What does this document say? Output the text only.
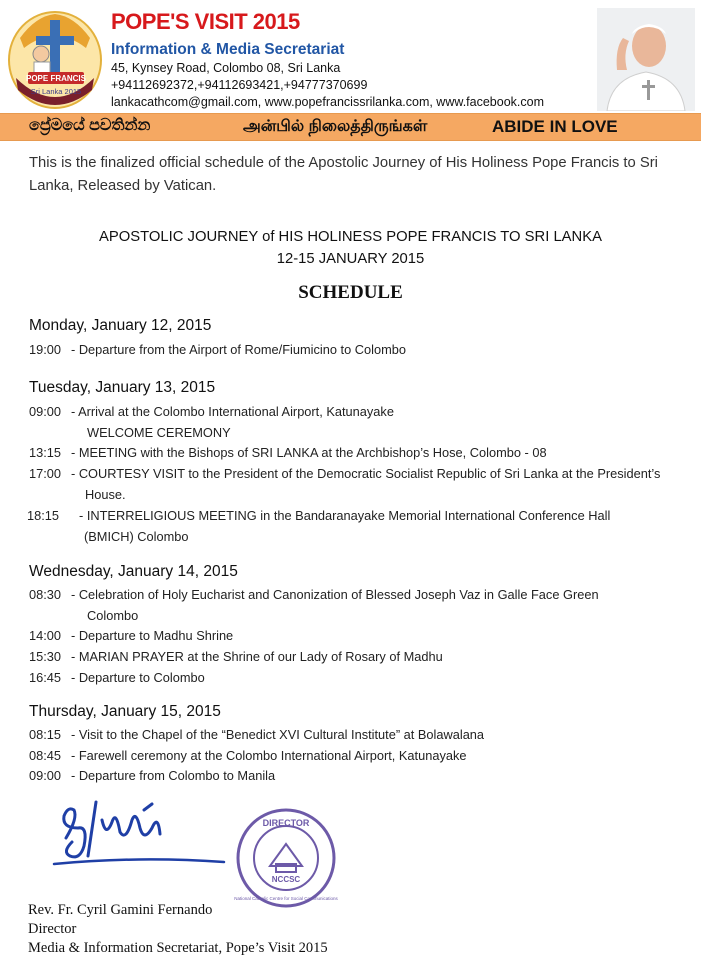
POPE FRANCIS
Sri Lanka 2015
POPE'S VISIT 2015
Information & Media Secretariat
45, Kynsey Road, Colombo 08, Sri Lanka
+94112692372,+94112693421,+94777370699
lankacathcom@gmail.com, www.popefrancissrilanka.com, www.facebook.com
ප්‍රේමයේ පවතින්න	அன்பில் நிலைத்திருங்கள்	ABIDE IN LOVE
This is the finalized official schedule of the Apostolic Journey of His Holiness Pope Francis to Sri Lanka, Released by Vatican.
APOSTOLIC JOURNEY of HIS HOLINESS POPE FRANCIS TO SRI LANKA
12-15 JANUARY 2015
SCHEDULE
Monday, January 12, 2015
19:00 - Departure from the Airport of Rome/Fiumicino to Colombo
Tuesday, January 13, 2015
09:00 - Arrival at the Colombo International Airport, Katunayake
WELCOME CEREMONY
13:15 - MEETING with the Bishops of SRI LANKA at the Archbishop’s Hose, Colombo - 08
17:00 - COURTESY VISIT to the President of the Democratic Socialist Republic of Sri Lanka at the President’s
House.
18:15 - INTERRELIGIOUS MEETING in the Bandaranayake Memorial International Conference Hall
(BMICH) Colombo
Wednesday, January 14, 2015
08:30 - Celebration of Holy Eucharist and Canonization of Blessed Joseph Vaz in Galle Face Green
Colombo
14:00 - Departure to Madhu Shrine
15:30 - MARIAN PRAYER at the Shrine of our Lady of Rosary of Madhu
16:45 - Departure to Colombo
Thursday, January 15, 2015
08:15 - Visit to the Chapel of the “Benedict XVI Cultural Institute” at Bolawalana
08:45 - Farewell ceremony at the Colombo International Airport, Katunayake
09:00 - Departure from Colombo to Manila
DIRECTOR
NCCSC
National Catholic Centre for Social Communications
Rev. Fr. Cyril Gamini Fernando
Director
Media & Information Secretariat, Pope’s Visit 2015
